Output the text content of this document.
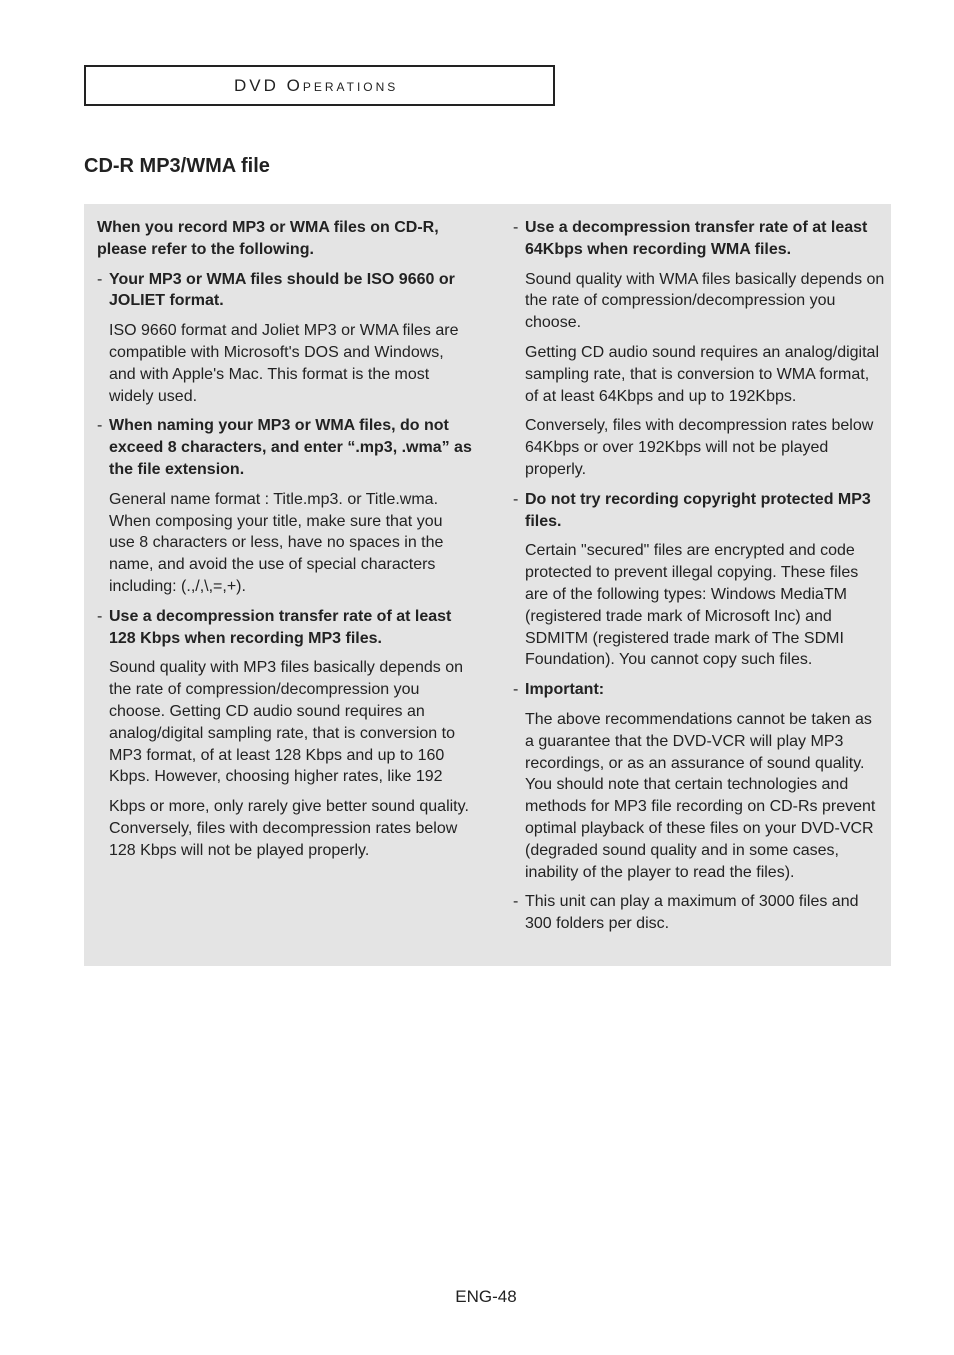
DVD Operations
CD-R MP3/WMA file

When you record MP3 or WMA files on CD-R, please refer to the following.

- Your MP3 or WMA files should be ISO 9660 or JOLIET format.

ISO 9660 format and Joliet MP3 or WMA files are compatible with Microsoft's DOS and Windows, and with Apple's Mac. This format is the most widely used.

- When naming your MP3 or WMA files, do not exceed 8 characters, and enter “.mp3, .wma” as the file extension.

General name format : Title.mp3. or Title.wma. When composing your title, make sure that you use 8 characters or less, have no spaces in the name, and avoid the use of special characters including: (.,/,\,=,+).

- Use a decompression transfer rate of at least 128 Kbps when recording MP3 files.

Sound quality with MP3 files basically depends on the rate of compression/decompression you choose. Getting CD audio sound requires an analog/digital sampling rate, that is conversion to MP3 format, of at least 128 Kbps and up to 160 Kbps. However, choosing higher rates, like 192

Kbps or more, only rarely give better sound quality. Conversely, files with decompression rates below 128 Kbps will not be played properly.

- Use a decompression transfer rate of at least 64Kbps when recording WMA files.

Sound quality with WMA files basically depends on the rate of compression/decompression you choose.

Getting CD audio sound requires an analog/digital sampling rate, that is conversion to WMA format, of at least 64Kbps and up to 192Kbps.

Conversely, files with decompression rates below 64Kbps or over 192Kbps will not be played properly.

- Do not try recording copyright protected MP3 files.

Certain "secured" files are encrypted and code protected to prevent illegal copying. These files are of the following types: Windows MediaTM (registered trade mark of Microsoft Inc) and SDMITM (registered trade mark of The SDMI Foundation). You cannot copy such files.

- Important:

The above recommendations cannot be taken as a guarantee that the DVD-VCR will play MP3 recordings, or as an assurance of sound quality. You should note that certain technologies and methods for MP3 file recording on CD-Rs prevent optimal playback of these files on your DVD-VCR (degraded sound quality and in some cases, inability of the player to read the files).

- This unit can play a maximum of 3000 files and 300 folders per disc.
ENG-48
